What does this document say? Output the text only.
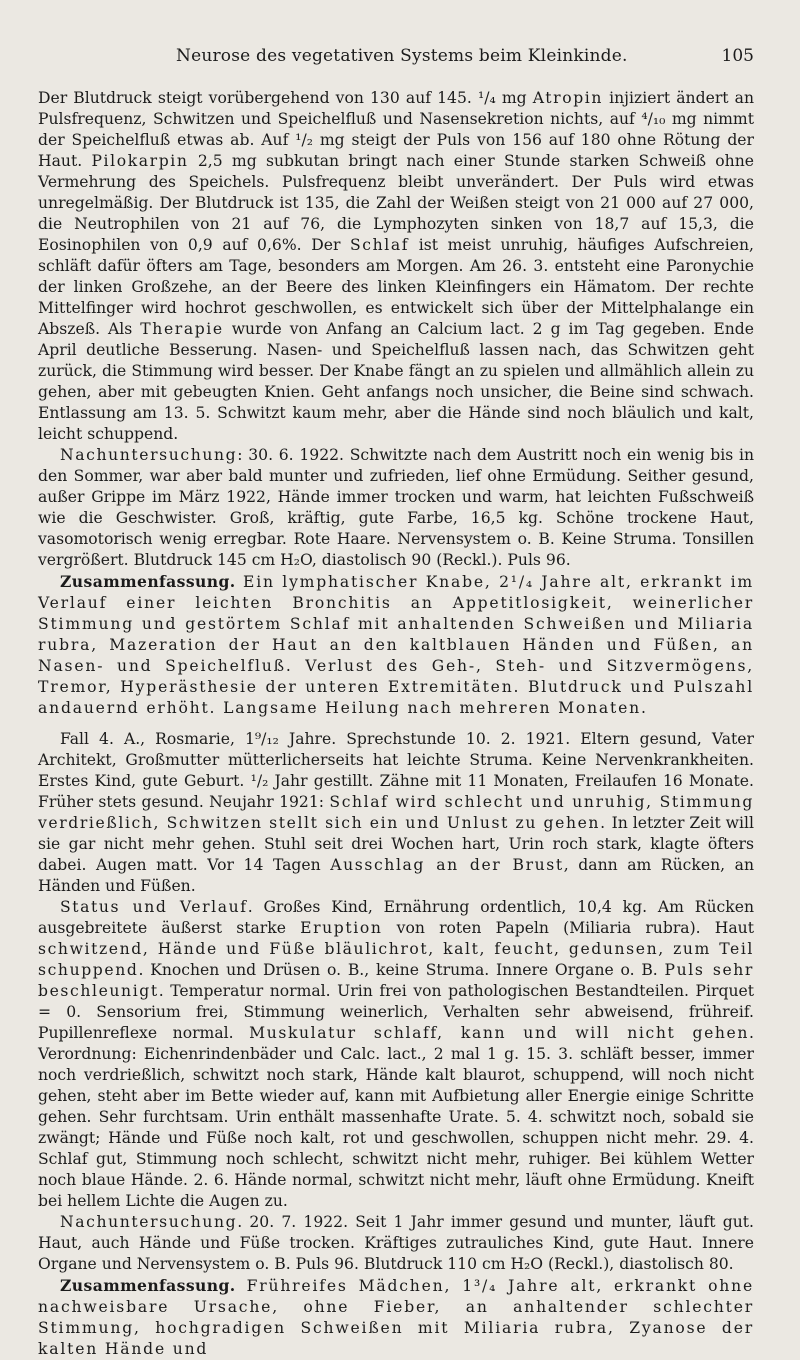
Neurose des vegetativen Systems beim Kleinkinde.	105

Der Blutdruck steigt vorübergehend von 130 auf 145. ¹/₄ mg Atropin injiziert ändert an Pulsfrequenz, Schwitzen und Speichelfluß und Nasensekretion nichts, auf ⁴/₁₀ mg nimmt der Speichelfluß etwas ab. Auf ¹/₂ mg steigt der Puls von 156 auf 180 ohne Rötung der Haut. Pilokarpin 2,5 mg subkutan bringt nach einer Stunde starken Schweiß ohne Vermehrung des Speichels. Pulsfrequenz bleibt unverändert. Der Puls wird etwas unregelmäßig. Der Blutdruck ist 135, die Zahl der Weißen steigt von 21 000 auf 27 000, die Neutrophilen von 21 auf 76, die Lymphozyten sinken von 18,7 auf 15,3, die Eosinophilen von 0,9 auf 0,6%. Der Schlaf ist meist unruhig, häufiges Aufschreien, schläft dafür öfters am Tage, besonders am Morgen. Am 26. 3. entsteht eine Paronychie der linken Großzehe, an der Beere des linken Kleinfingers ein Hämatom. Der rechte Mittelfinger wird hochrot geschwollen, es entwickelt sich über der Mittelphalange ein Abszeß. Als Therapie wurde von Anfang an Calcium lact. 2 g im Tag gegeben. Ende April deutliche Besserung. Nasen- und Speichelfluß lassen nach, das Schwitzen geht zurück, die Stimmung wird besser. Der Knabe fängt an zu spielen und allmählich allein zu gehen, aber mit gebeugten Knien. Geht anfangs noch unsicher, die Beine sind schwach. Entlassung am 13. 5. Schwitzt kaum mehr, aber die Hände sind noch bläulich und kalt, leicht schuppend.

Nachuntersuchung: 30. 6. 1922. Schwitzte nach dem Austritt noch ein wenig bis in den Sommer, war aber bald munter und zufrieden, lief ohne Ermüdung. Seither gesund, außer Grippe im März 1922, Hände immer trocken und warm, hat leichten Fußschweiß wie die Geschwister. Groß, kräftig, gute Farbe, 16,5 kg. Schöne trockene Haut, vasomotorisch wenig erregbar. Rote Haare. Nervensystem o. B. Keine Struma. Tonsillen vergrößert. Blutdruck 145 cm H₂O, diastolisch 90 (Reckl.). Puls 96.

Zusammenfassung. Ein lymphatischer Knabe, 2¹/₄ Jahre alt, erkrankt im Verlauf einer leichten Bronchitis an Appetitlosigkeit, weinerlicher Stimmung und gestörtem Schlaf mit anhaltenden Schweißen und Miliaria rubra, Mazeration der Haut an den kaltblauen Händen und Füßen, an Nasen- und Speichelfluß. Verlust des Geh-, Steh- und Sitzvermögens, Tremor, Hyperästhesie der unteren Extremitäten. Blutdruck und Pulszahl andauernd erhöht. Langsame Heilung nach mehreren Monaten.

Fall 4. A., Rosmarie, 1⁹/₁₂ Jahre. Sprechstunde 10. 2. 1921. Eltern gesund, Vater Architekt, Großmutter mütterlicherseits hat leichte Struma. Keine Nervenkrankheiten. Erstes Kind, gute Geburt. ¹/₂ Jahr gestillt. Zähne mit 11 Monaten, Freilaufen 16 Monate. Früher stets gesund. Neujahr 1921: Schlaf wird schlecht und unruhig, Stimmung verdrießlich, Schwitzen stellt sich ein und Unlust zu gehen. In letzter Zeit will sie gar nicht mehr gehen. Stuhl seit drei Wochen hart, Urin roch stark, klagte öfters dabei. Augen matt. Vor 14 Tagen Ausschlag an der Brust, dann am Rücken, an Händen und Füßen.

Status und Verlauf. Großes Kind, Ernährung ordentlich, 10,4 kg. Am Rücken ausgebreitete äußerst starke Eruption von roten Papeln (Miliaria rubra). Haut schwitzend, Hände und Füße bläulichrot, kalt, feucht, gedunsen, zum Teil schuppend. Knochen und Drüsen o. B., keine Struma. Innere Organe o. B. Puls sehr beschleunigt. Temperatur normal. Urin frei von pathologischen Bestandteilen. Pirquet = 0. Sensorium frei, Stimmung weinerlich, Verhalten sehr abweisend, frühreif. Pupillenreflexe normal. Muskulatur schlaff, kann und will nicht gehen. Verordnung: Eichenrindenbäder und Calc. lact., 2 mal 1 g. 15. 3. schläft besser, immer noch verdrießlich, schwitzt noch stark, Hände kalt blaurot, schuppend, will noch nicht gehen, steht aber im Bette wieder auf, kann mit Aufbietung aller Energie einige Schritte gehen. Sehr furchtsam. Urin enthält massenhafte Urate. 5. 4. schwitzt noch, sobald sie zwängt; Hände und Füße noch kalt, rot und geschwollen, schuppen nicht mehr. 29. 4. Schlaf gut, Stimmung noch schlecht, schwitzt nicht mehr, ruhiger. Bei kühlem Wetter noch blaue Hände. 2. 6. Hände normal, schwitzt nicht mehr, läuft ohne Ermüdung. Kneift bei hellem Lichte die Augen zu.

Nachuntersuchung. 20. 7. 1922. Seit 1 Jahr immer gesund und munter, läuft gut. Haut, auch Hände und Füße trocken. Kräftiges zutrauliches Kind, gute Haut. Innere Organe und Nervensystem o. B. Puls 96. Blutdruck 110 cm H₂O (Reckl.), diastolisch 80.

Zusammenfassung. Frühreifes Mädchen, 1³/₄ Jahre alt, erkrankt ohne nachweisbare Ursache, ohne Fieber, an anhaltender schlechter Stimmung, hochgradigen Schweißen mit Miliaria rubra, Zyanose der kalten Hände und
